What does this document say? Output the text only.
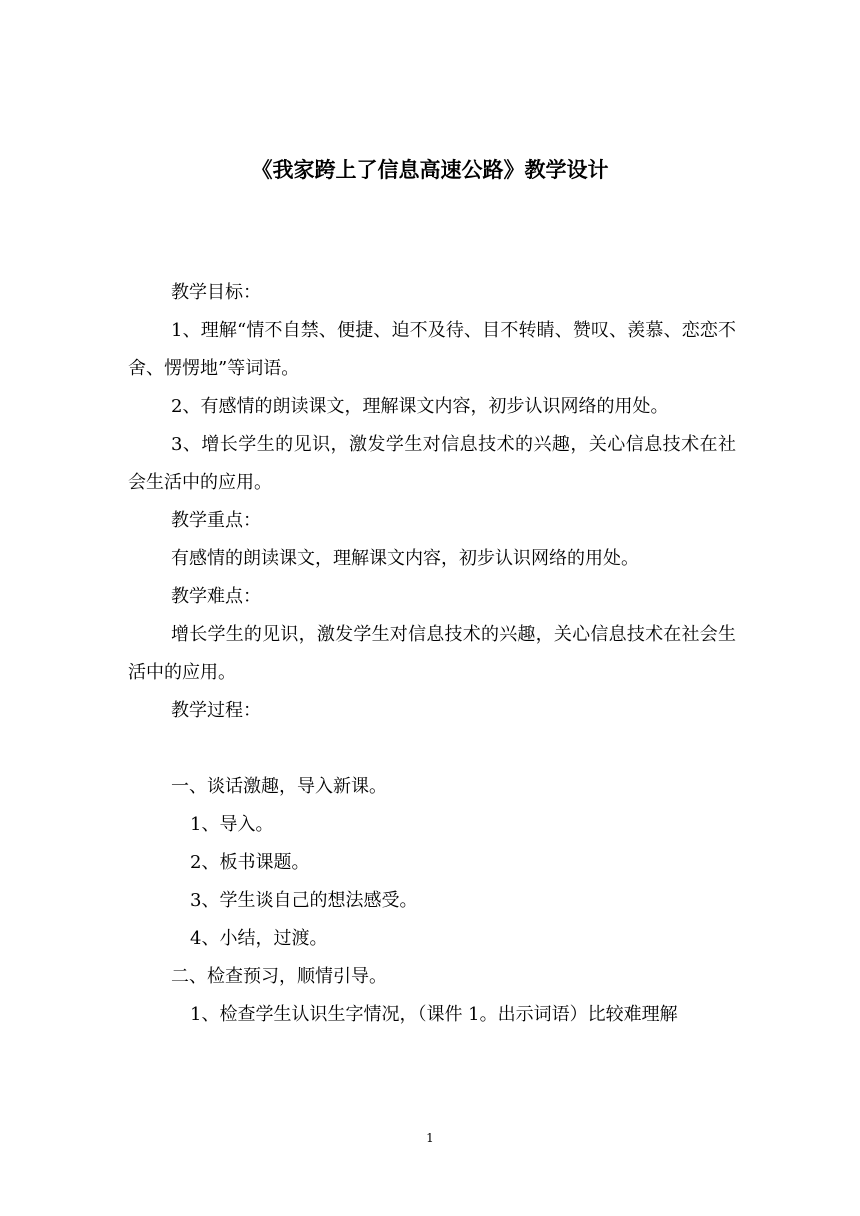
《我家跨上了信息高速公路》教学设计

教学目标：

1、理解“情不自禁、便捷、迫不及待、目不转睛、赞叹、羡慕、恋恋不舍、愣愣地”等词语。

2、有感情的朗读课文，理解课文内容，初步认识网络的用处。

3、增长学生的见识，激发学生对信息技术的兴趣，关心信息技术在社会生活中的应用。

教学重点：

有感情的朗读课文，理解课文内容，初步认识网络的用处。

教学难点：

增长学生的见识，激发学生对信息技术的兴趣，关心信息技术在社会生活中的应用。

教学过程：

一、谈话激趣，导入新课。

1、导入。

2、板书课题。

3、学生谈自己的想法感受。

4、小结，过渡。

二、检查预习，顺情引导。

1、检查学生认识生字情况，（课件 1。出示词语）比较难理解

1
